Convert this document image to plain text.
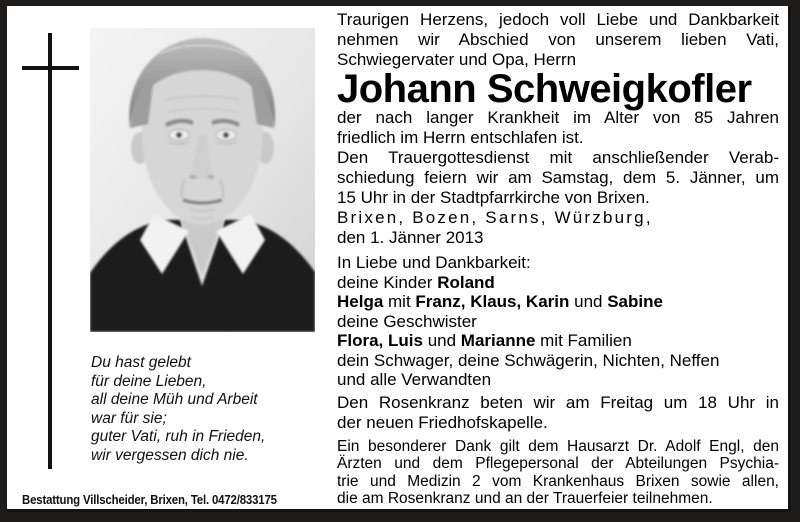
Du hast gelebt
für deine Lieben,
all deine Müh und Arbeit
war für sie;
guter Vati, ruh in Frieden,
wir vergessen dich nie.
Bestattung Villscheider, Brixen, Tel. 0472/833175
Traurigen Herzens, jedoch voll Liebe und Dankbarkeit
nehmen wir Abschied von unserem lieben Vati,
Schwiegervater und Opa, Herrn
Johann Schweigkofler
der nach langer Krankheit im Alter von 85 Jahren
friedlich im Herrn entschlafen ist.
Den Trauergottesdienst mit anschließender Verab-
schiedung feiern wir am Samstag, dem 5. Jänner, um
15 Uhr in der Stadtpfarrkirche von Brixen.
Brixen, Bozen, Sarns, Würzburg,
den 1. Jänner 2013
In Liebe und Dankbarkeit:
deine Kinder Roland
Helga mit Franz, Klaus, Karin und Sabine
deine Geschwister
Flora, Luis und Marianne mit Familien
dein Schwager, deine Schwägerin, Nichten, Neffen
und alle Verwandten
Den Rosenkranz beten wir am Freitag um 18 Uhr in
der neuen Friedhofskapelle.
Ein besonderer Dank gilt dem Hausarzt Dr. Adolf Engl, den
Ärzten und dem Pflegepersonal der Abteilungen Psychia-
trie und Medizin 2 vom Krankenhaus Brixen sowie allen,
die am Rosenkranz und an der Trauerfeier teilnehmen.
